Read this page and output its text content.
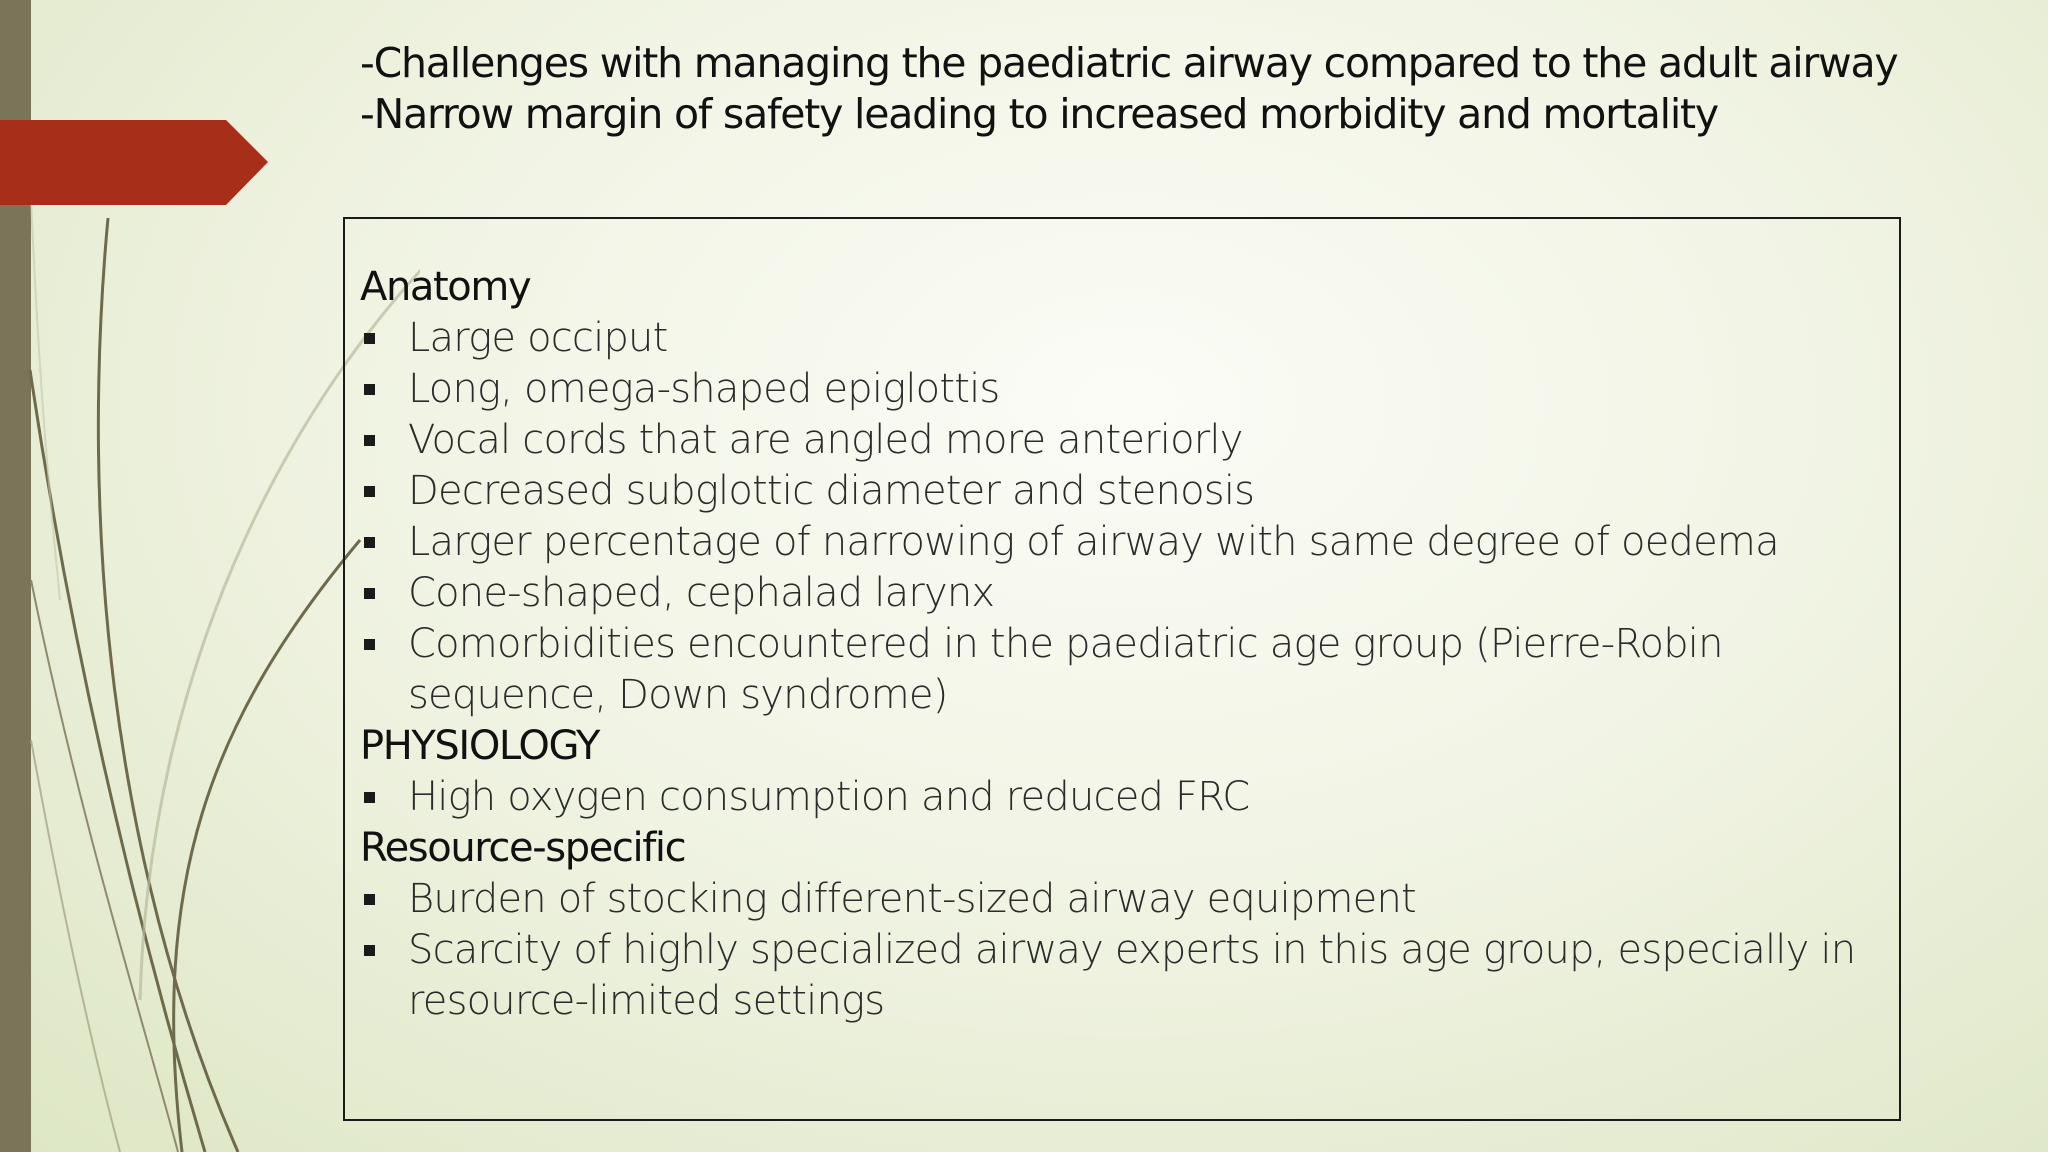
-Challenges with managing the paediatric airway compared to the adult airway
-Narrow margin of safety leading to increased morbidity and mortality
Anatomy
Large occiput
Long, omega-shaped epiglottis
Vocal cords that are angled more anteriorly
Decreased subglottic diameter and stenosis
Larger percentage of narrowing of airway with same degree of oedema
Cone-shaped, cephalad larynx
Comorbidities encountered in the paediatric age group (Pierre-Robin sequence, Down syndrome)
PHYSIOLOGY
High oxygen consumption and reduced FRC
Resource-specific
Burden of stocking different-sized airway equipment
Scarcity of highly specialized airway experts in this age group, especially in resource-limited settings
